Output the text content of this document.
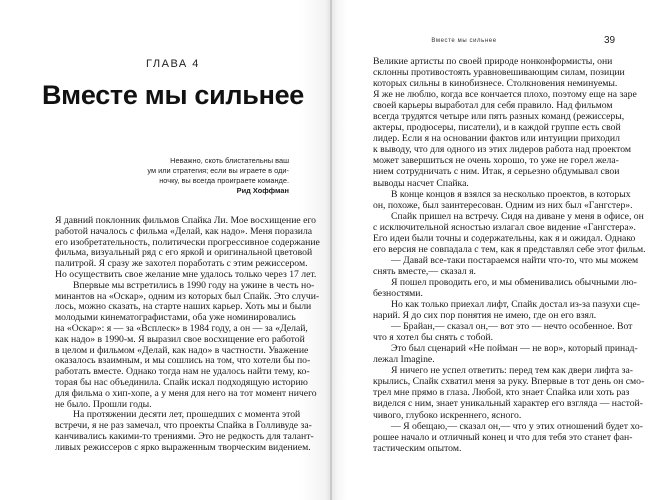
ГЛАВА 4
Вместе мы сильнее
Неважно, скоть блистательны ваш
ум или стратегия; если вы играете в оди-
ночку, вы всегда проиграете команде.
Рид Хоффман
Я давний поклонник фильмов Спайка Ли. Мое восхищение его
работой началось с фильма «Делай, как надо». Меня поразила
его изобретательность, политически прогрессивное содержание
фильма, визуальный ряд с его яркой и оригинальной цветовой
палитрой. Я сразу же захотел поработать с этим режиссером.
Но осуществить свое желание мне удалось только через 17 лет.
Впервые мы встретились в 1990 году на ужине в честь но-
минантов на «Оскар», одним из которых был Спайк. Это случи-
лось, можно сказать, на старте наших карьер. Хоть мы и были
молодыми кинематографистами, оба уже номинировались
на «Оскар»: я — за «Всплеск» в 1984 году, а он — за «Делай,
как надо» в 1990-м. Я выразил свое восхищение его работой
в целом и фильмом «Делай, как надо» в частности. Уважение
оказалось взаимным, и мы сошлись на том, что хотели бы по-
работать вместе. Однако тогда нам не удалось найти тему, ко-
торая бы нас объединила. Спайк искал подходящую историю
для фильма о хип-хопе, а у меня для него на тот момент ничего
не было. Прошли годы.
На протяжении десяти лет, прошедших с момента этой
встречи, я не раз замечал, что проекты Спайка в Голливуде за-
канчивались какими-то трениями. Это не редкость для талант-
ливых режиссеров с ярко выраженным творческим видением.
Вместе мы сильнее	39
Великие артисты по своей природе нонконформисты, они
склонны противостоять уравновешивающим силам, позиции
которых сильны в кинобизнесе. Столкновения неминуемы.
Я же не люблю, когда все кончается плохо, поэтому еще на заре
своей карьеры выработал для себя правило. Над фильмом
всегда трудятся четыре или пять разных команд (режиссеры,
актеры, продюсеры, писатели), и в каждой группе есть свой
лидер. Если я на основании фактов или интуиции приходил
к выводу, что для одного из этих лидеров работа над проектом
может завершиться не очень хорошо, то уже не горел жела-
нием сотрудничать с ним. Итак, я серьезно обдумывал свои
выводы насчет Спайка.
В конце концов я взялся за несколько проектов, в которых
он, похоже, был заинтересован. Одним из них был «Гангстер».
Спайк пришел на встречу. Сидя на диване у меня в офисе, он
с исключительной ясностью излагал свое видение «Гангстера».
Его идеи были точны и содержательны, как я и ожидал. Однако
его версия не совпадала с тем, как я представлял себе этот фильм.
— Давай все-таки постараемся найти что-то, что мы можем
снять вместе,— сказал я.
Я пошел проводить его, и мы обменивались обычными лю-
безностями.
Но как только приехал лифт, Спайк достал из-за пазухи сце-
нарий. Я до сих пор понятия не имею, где он его взял.
— Брайан,— сказал он,— вот это — нечто особенное. Вот
что я хотел бы снять с тобой.
Это был сценарий «Не пойман — не вор», который принад-
лежал Imagine.
Я ничего не успел ответить: перед тем как двери лифта за-
крылись, Спайк схватил меня за руку. Впервые в тот день он смо-
трел мне прямо в глаза. Любой, кто знает Спайка или хоть раз
виделся с ним, знает уникальный характер его взгляда — настой-
чивого, глубоко искреннего, ясного.
— Я обещаю,— сказал он,— что у этих отношений будет хо-
рошее начало и отличный конец и что для тебя это станет фан-
тастическим опытом.
